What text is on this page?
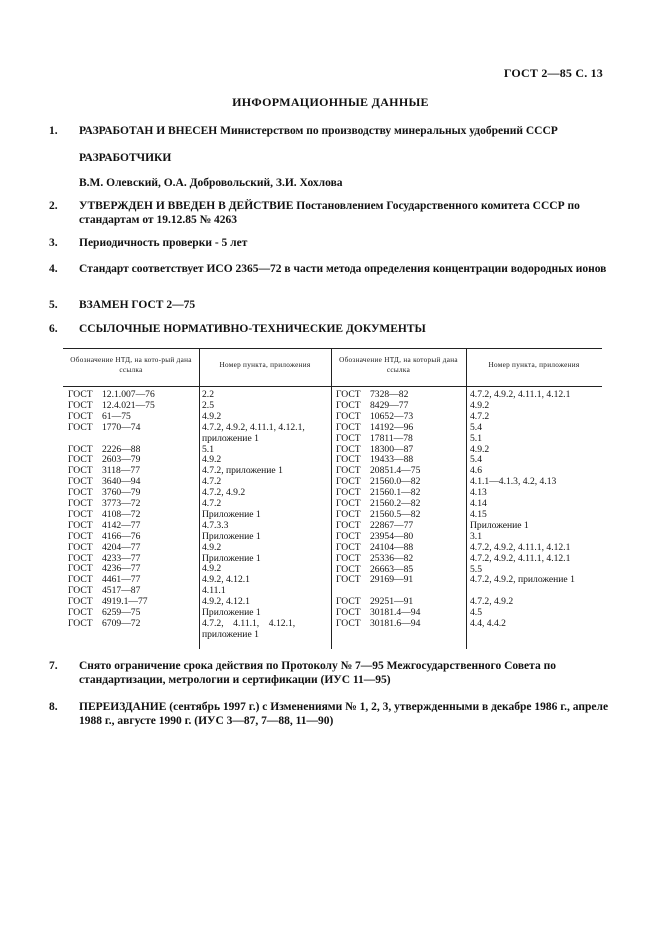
ГОСТ 2—85 С. 13
ИНФОРМАЦИОННЫЕ ДАННЫЕ
1. РАЗРАБОТАН И ВНЕСЕН Министерством по производству минеральных удобрений СССР
РАЗРАБОТЧИКИ
В.М. Олевский, О.А. Добровольский, З.И. Хохлова
2. УТВЕРЖДЕН И ВВЕДЕН В ДЕЙСТВИЕ Постановлением Государственного комитета СССР по стандартам от 19.12.85 № 4263
3. Периодичность проверки - 5 лет
4. Стандарт соответствует ИСО 2365—72 в части метода определения концентрации водородных ионов
5. ВЗАМЕН ГОСТ 2—75
6. ССЫЛОЧНЫЕ НОРМАТИВНО-ТЕХНИЧЕСКИЕ ДОКУМЕНТЫ
Обозначение НТД, на кото-рый дана ссылка
Номер пункта, приложения
Обозначение НТД, на который дана ссылка
Номер пункта, приложения
ГОСТ 12.1.007—76
ГОСТ 12.4.021—75
ГОСТ 61—75
ГОСТ 1770—74
ГОСТ 2226—88
ГОСТ 2603—79
ГОСТ 3118—77
ГОСТ 3640—94
ГОСТ 3760—79
ГОСТ 3773—72
ГОСТ 4108—72
ГОСТ 4142—77
ГОСТ 4166—76
ГОСТ 4204—77
ГОСТ 4233—77
ГОСТ 4236—77
ГОСТ 4461—77
ГОСТ 4517—87
ГОСТ 4919.1—77
ГОСТ 6259—75
ГОСТ 6709—72
2.2
2.5
4.9.2
4.7.2, 4.9.2, 4.11.1, 4.12.1, приложение 1
5.1
4.9.2
4.7.2, приложение 1
4.7.2
4.7.2, 4.9.2
4.7.2
Приложение 1
4.7.3.3
Приложение 1
4.9.2
Приложение 1
4.9.2
4.9.2, 4.12.1
4.11.1
4.9.2, 4.12.1
Приложение 1
4.7.2,    4.11.1,    4.12.1, приложение 1
ГОСТ 7328—82
ГОСТ 8429—77
ГОСТ 10652—73
ГОСТ 14192—96
ГОСТ 17811—78
ГОСТ 18300—87
ГОСТ 19433—88
ГОСТ 20851.4—75
ГОСТ 21560.0—82
ГОСТ 21560.1—82
ГОСТ 21560.2—82
ГОСТ 21560.5—82
ГОСТ 22867—77
ГОСТ 23954—80
ГОСТ 24104—88
ГОСТ 25336—82
ГОСТ 26663—85
ГОСТ 29169—91
ГОСТ 29251—91
ГОСТ 30181.4—94
ГОСТ 30181.6—94
4.7.2, 4.9.2, 4.11.1, 4.12.1
4.9.2
4.7.2
5.4
5.1
4.9.2
5.4
4.6
4.1.1—4.1.3, 4.2, 4.13
4.13
4.14
4.15
Приложение 1
3.1
4.7.2, 4.9.2, 4.11.1, 4.12.1
4.7.2, 4.9.2, 4.11.1, 4.12.1
5.5
4.7.2, 4.9.2, приложение 1
4.7.2, 4.9.2
4.5
4.4, 4.4.2
7. Снято ограничение срока действия по Протоколу № 7—95 Межгосударственного Совета по стандартизации, метрологии и сертификации (ИУС 11—95)
8. ПЕРЕИЗДАНИЕ (сентябрь 1997 г.) с Изменениями № 1, 2, 3, утвержденными в декабре 1986 г., апреле 1988 г., августе 1990 г. (ИУС 3—87, 7—88, 11—90)
